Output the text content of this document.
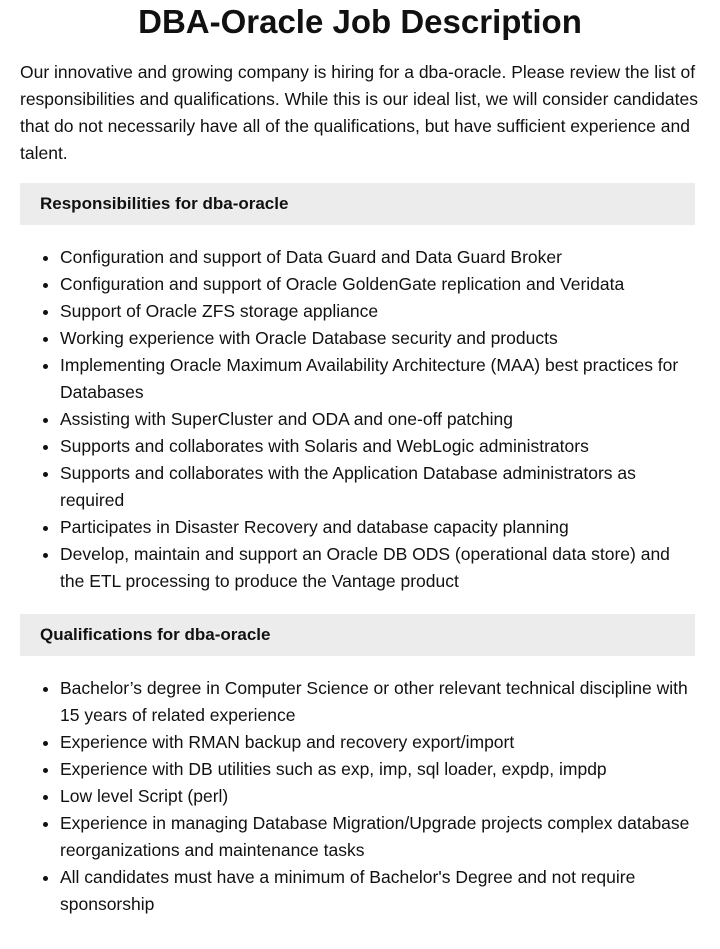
DBA-Oracle Job Description

Our innovative and growing company is hiring for a dba-oracle. Please review the list of responsibilities and qualifications. While this is our ideal list, we will consider candidates that do not necessarily have all of the qualifications, but have sufficient experience and talent.

Responsibilities for dba-oracle
• Configuration and support of Data Guard and Data Guard Broker
• Configuration and support of Oracle GoldenGate replication and Veridata
• Support of Oracle ZFS storage appliance
• Working experience with Oracle Database security and products
• Implementing Oracle Maximum Availability Architecture (MAA) best practices for Databases
• Assisting with SuperCluster and ODA and one-off patching
• Supports and collaborates with Solaris and WebLogic administrators
• Supports and collaborates with the Application Database administrators as required
• Participates in Disaster Recovery and database capacity planning
• Develop, maintain and support an Oracle DB ODS (operational data store) and the ETL processing to produce the Vantage product
Qualifications for dba-oracle
• Bachelor’s degree in Computer Science or other relevant technical discipline with 15 years of related experience
• Experience with RMAN backup and recovery export/import
• Experience with DB utilities such as exp, imp, sql loader, expdp, impdp
• Low level Script (perl)
• Experience in managing Database Migration/Upgrade projects complex database reorganizations and maintenance tasks
• All candidates must have a minimum of Bachelor's Degree and not require sponsorship
